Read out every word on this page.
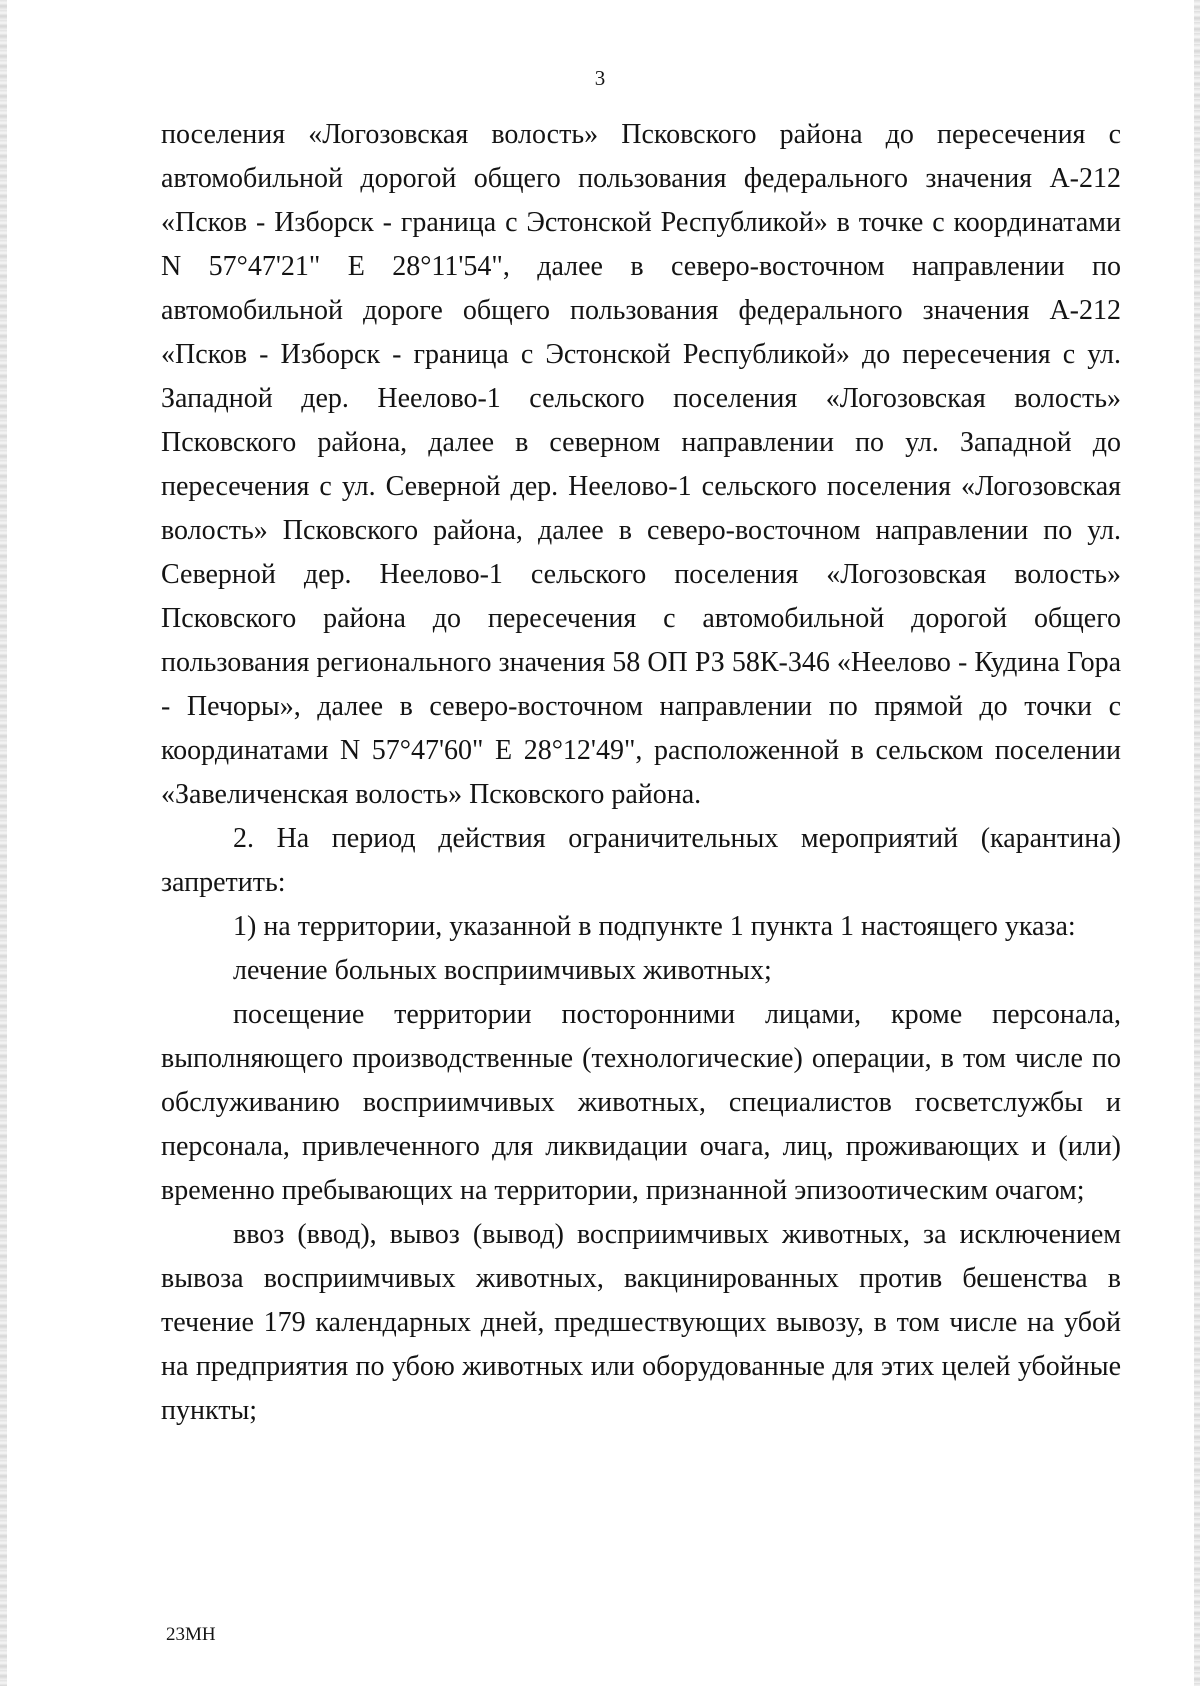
3

поселения «Логозовская волость» Псковского района до пересечения с автомобильной дорогой общего пользования федерального значения А-212 «Псков - Изборск - граница с Эстонской Республикой» в точке с координатами N 57°47'21" Е 28°11'54", далее в северо-восточном направлении по автомобильной дороге общего пользования федерального значения А-212 «Псков - Изборск - граница с Эстонской Республикой» до пересечения с ул. Западной дер. Неелово-1 сельского поселения «Логозовская волость» Псковского района, далее в северном направлении по ул. Западной до пересечения с ул. Северной дер. Неелово-1 сельского поселения «Логозовская волость» Псковского района, далее в северо-восточном направлении по ул. Северной дер. Неелово-1 сельского поселения «Логозовская волость» Псковского района до пересечения с автомобильной дорогой общего пользования регионального значения 58 ОП РЗ 58К-346 «Неелово - Кудина Гора - Печоры», далее в северо-восточном направлении по прямой до точки с координатами N 57°47'60" Е 28°12'49", расположенной в сельском поселении «Завеличенская волость» Псковского района.

2. На период действия ограничительных мероприятий (карантина) запретить:

1) на территории, указанной в подпункте 1 пункта 1 настоящего указа:

лечение больных восприимчивых животных;

посещение территории посторонними лицами, кроме персонала, выполняющего производственные (технологические) операции, в том числе по обслуживанию восприимчивых животных, специалистов госветслужбы и персонала, привлеченного для ликвидации очага, лиц, проживающих и (или) временно пребывающих на территории, признанной эпизоотическим очагом;

ввоз (ввод), вывоз (вывод) восприимчивых животных, за исключением вывоза восприимчивых животных, вакцинированных против бешенства в течение 179 календарных дней, предшествующих вывозу, в том числе на убой на предприятия по убою животных или оборудованные для этих целей убойные пункты;

23МН
